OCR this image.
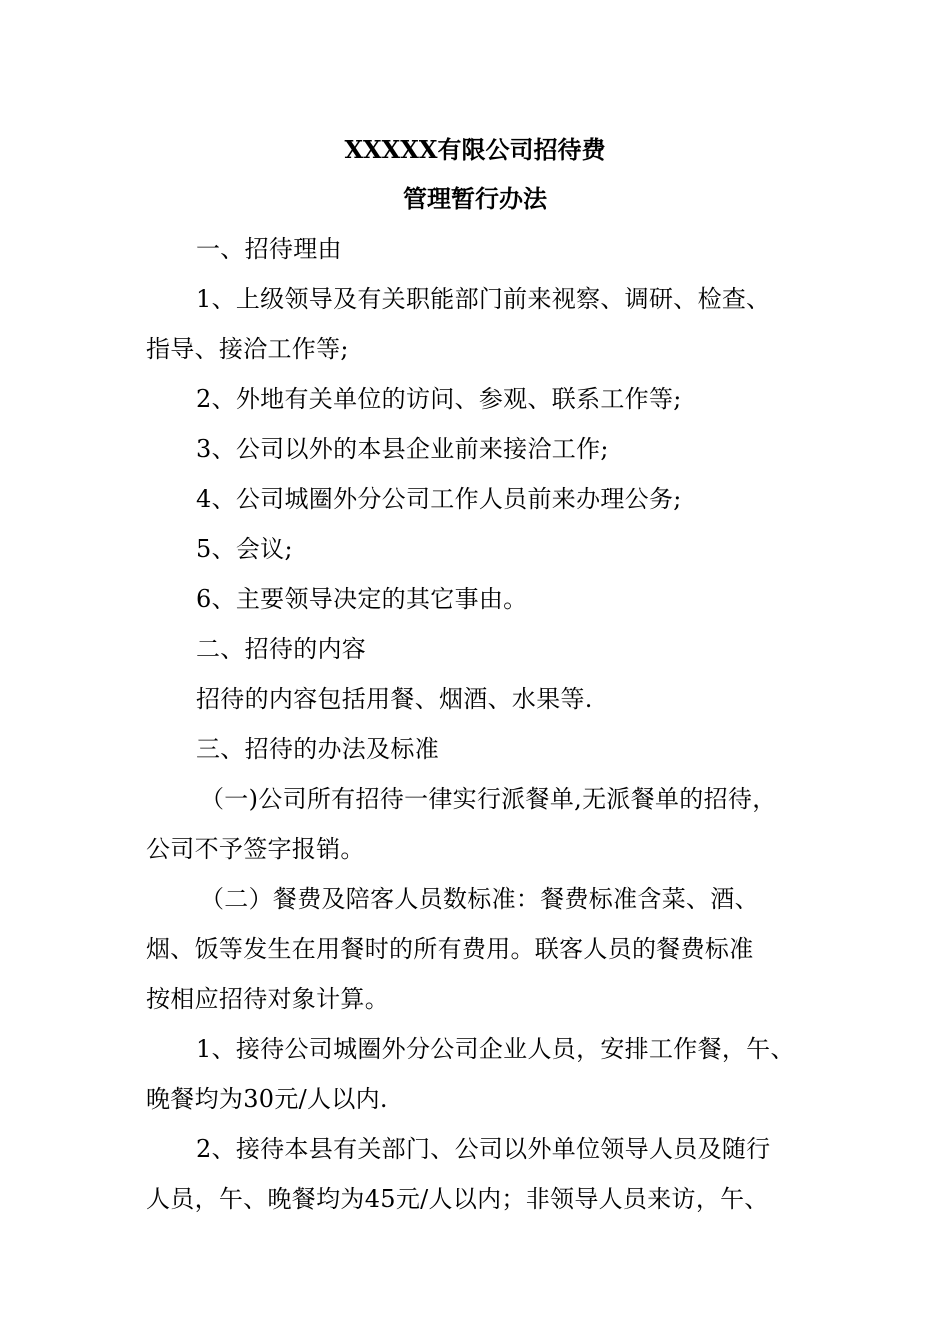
XXXXX有限公司招待费
管理暂行办法
一、招待理由
1、上级领导及有关职能部门前来视察、调研、检查、
指导、接洽工作等;
2、外地有关单位的访问、参观、联系工作等;
3、公司以外的本县企业前来接洽工作;
4、公司城圈外分公司工作人员前来办理公务;
5、会议;
6、主要领导决定的其它事由。
二、招待的内容
招待的内容包括用餐、烟酒、水果等.
三、招待的办法及标准
（一)公司所有招待一律实行派餐单,无派餐单的招待，
公司不予签字报销。
（二）餐费及陪客人员数标准：餐费标准含菜、酒、
烟、饭等发生在用餐时的所有费用。联客人员的餐费标准
按相应招待对象计算。
1、接待公司城圈外分公司企业人员，安排工作餐，午、
晚餐均为30元/人以内.
2、接待本县有关部门、公司以外单位领导人员及随行
人员，午、晚餐均为45元/人以内；非领导人员来访，午、
